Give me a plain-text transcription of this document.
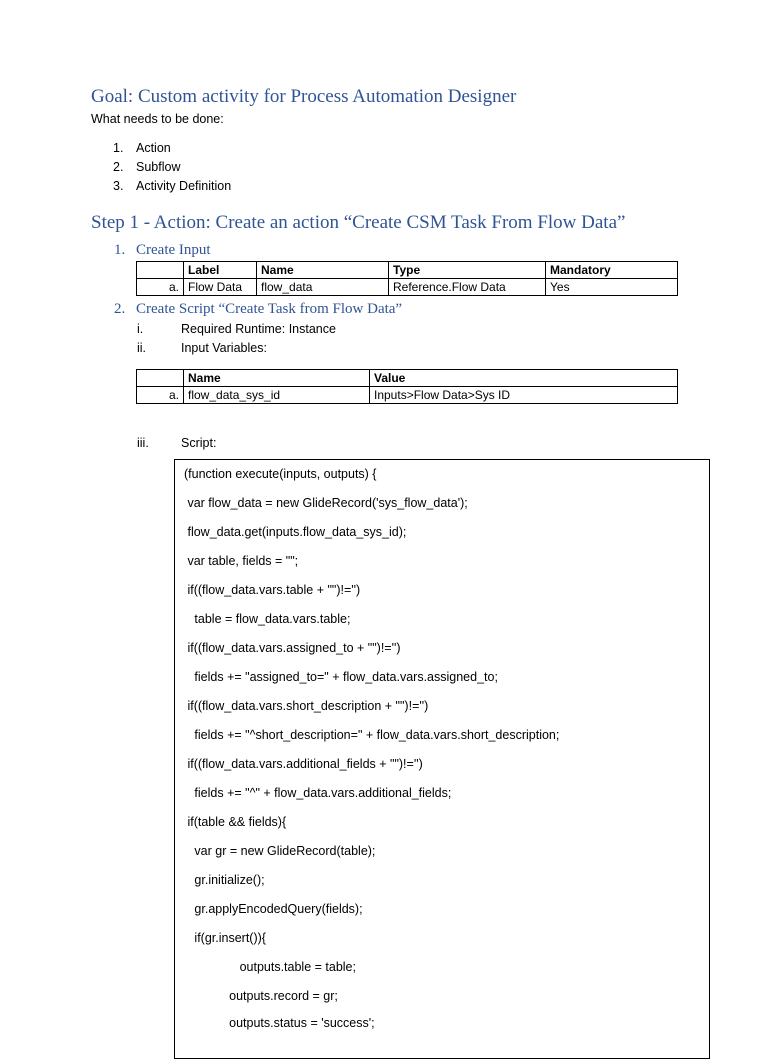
Goal: Custom activity for Process Automation Designer
What needs to be done:
1. Action
2. Subflow
3. Activity Definition
Step 1 - Action: Create an action “Create CSM Task From Flow Data”
1. Create Input
	Label	Name	Type	Mandatory
a.	Flow Data	flow_data	Reference.Flow Data	Yes
2. Create Script “Create Task from Flow Data”
i.	Required Runtime: Instance
ii.	Input Variables:
	Name	Value
a.	flow_data_sys_id	Inputs>Flow Data>Sys ID
iii.	Script:
(function execute(inputs, outputs) {
var flow_data = new GlideRecord('sys_flow_data');
flow_data.get(inputs.flow_data_sys_id);
var table, fields = "";
if((flow_data.vars.table + "")!='')
table = flow_data.vars.table;
if((flow_data.vars.assigned_to + "")!='')
fields += "assigned_to=" + flow_data.vars.assigned_to;
if((flow_data.vars.short_description + "")!='')
fields += "^short_description=" + flow_data.vars.short_description;
if((flow_data.vars.additional_fields + "")!='')
fields += "^" + flow_data.vars.additional_fields;
if(table && fields){
var gr = new GlideRecord(table);
gr.initialize();
gr.applyEncodedQuery(fields);
if(gr.insert()){
outputs.table = table;
outputs.record = gr;
outputs.status = 'success';
